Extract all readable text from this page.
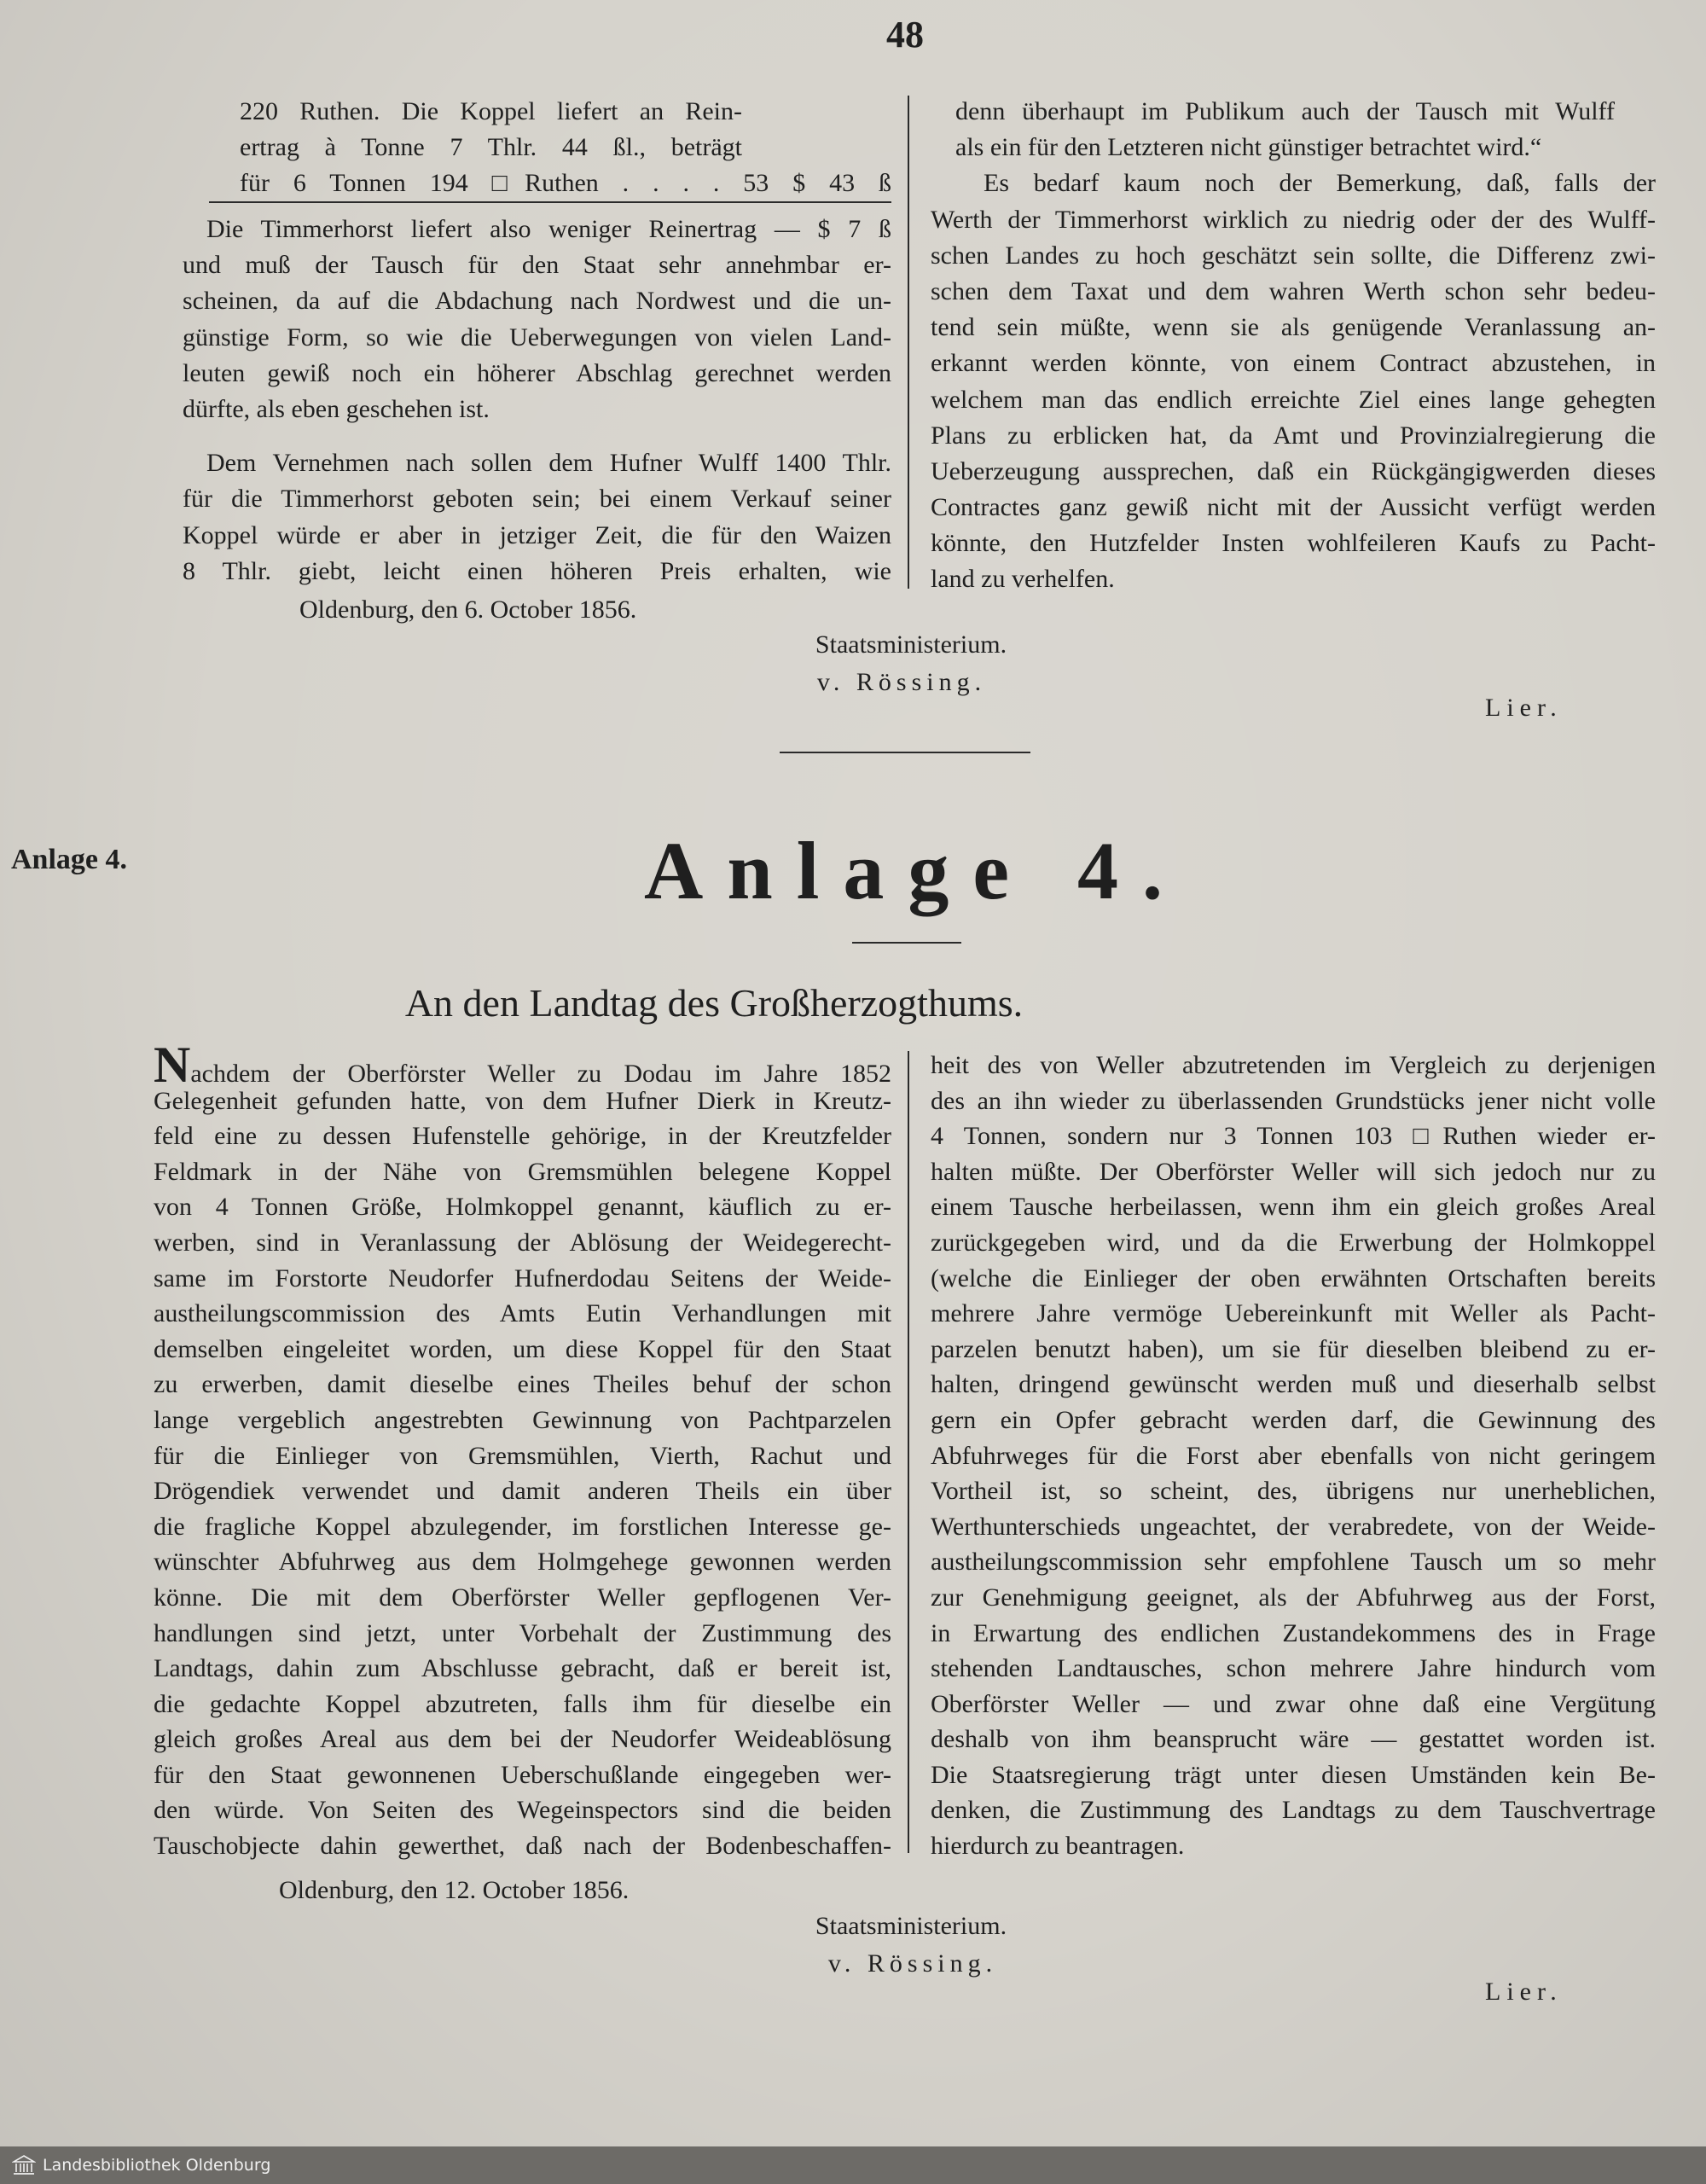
48
220 Ruthen. Die Koppel liefert an Rein-
ertrag à Tonne 7 Thlr. 44 ßl., beträgt
für 6 Tonnen 194 □Ruthen . . . . 53 $ 43 ß
Die Timmerhorst liefert also weniger Reinertrag — $ 7 ß
und muß der Tausch für den Staat sehr annehmbar er-
scheinen, da auf die Abdachung nach Nordwest und die un-
günstige Form, so wie die Ueberwegungen von vielen Land-
leuten gewiß noch ein höherer Abschlag gerechnet werden
dürfte, als eben geschehen ist.
Dem Vernehmen nach sollen dem Hufner Wulff 1400 Thlr.
für die Timmerhorst geboten sein; bei einem Verkauf seiner
Koppel würde er aber in jetziger Zeit, die für den Waizen
8 Thlr. giebt, leicht einen höheren Preis erhalten, wie
Oldenburg, den 6. October 1856.
denn überhaupt im Publikum auch der Tausch mit Wulff
als ein für den Letzteren nicht günstiger betrachtet wird.“
Es bedarf kaum noch der Bemerkung, daß, falls der
Werth der Timmerhorst wirklich zu niedrig oder der des Wulff-
schen Landes zu hoch geschätzt sein sollte, die Differenz zwi-
schen dem Taxat und dem wahren Werth schon sehr bedeu-
tend sein müßte, wenn sie als genügende Veranlassung an-
erkannt werden könnte, von einem Contract abzustehen, in
welchem man das endlich erreichte Ziel eines lange gehegten
Plans zu erblicken hat, da Amt und Provinzialregierung die
Ueberzeugung aussprechen, daß ein Rückgängigwerden dieses
Contractes ganz gewiß nicht mit der Aussicht verfügt werden
könnte, den Hutzfelder Insten wohlfeileren Kaufs zu Pacht-
land zu verhelfen.
Staatsministerium.
v. Rössing.
Lier.
Anlage 4.	Anlage 4.
An den Landtag des Großherzogthums.
Nachdem der Oberförster Weller zu Dodau im Jahre 1852
Gelegenheit gefunden hatte, von dem Hufner Dierk in Kreutz-
feld eine zu dessen Hufenstelle gehörige, in der Kreutzfelder
Feldmark in der Nähe von Gremsmühlen belegene Koppel
von 4 Tonnen Größe, Holmkoppel genannt, käuflich zu er-
werben, sind in Veranlassung der Ablösung der Weidegerecht-
same im Forstorte Neudorfer Hufnerdodau Seitens der Weide-
austheilungscommission des Amts Eutin Verhandlungen mit
demselben eingeleitet worden, um diese Koppel für den Staat
zu erwerben, damit dieselbe eines Theiles behuf der schon
lange vergeblich angestrebten Gewinnung von Pachtparzelen
für die Einlieger von Gremsmühlen, Vierth, Rachut und
Drögendiek verwendet und damit anderen Theils ein über
die fragliche Koppel abzulegender, im forstlichen Interesse ge-
wünschter Abfuhrweg aus dem Holmgehege gewonnen werden
könne. Die mit dem Oberförster Weller gepflogenen Ver-
handlungen sind jetzt, unter Vorbehalt der Zustimmung des
Landtags, dahin zum Abschlusse gebracht, daß er bereit ist,
die gedachte Koppel abzutreten, falls ihm für dieselbe ein
gleich großes Areal aus dem bei der Neudorfer Weideablösung
für den Staat gewonnenen Ueberschußlande eingegeben wer-
den würde. Von Seiten des Wegeinspectors sind die beiden
Tauschobjecte dahin gewerthet, daß nach der Bodenbeschaffen-
heit des von Weller abzutretenden im Vergleich zu derjenigen
des an ihn wieder zu überlassenden Grundstücks jener nicht volle
4 Tonnen, sondern nur 3 Tonnen 103 □Ruthen wieder er-
halten müßte. Der Oberförster Weller will sich jedoch nur zu
einem Tausche herbeilassen, wenn ihm ein gleich großes Areal
zurückgegeben wird, und da die Erwerbung der Holmkoppel
(welche die Einlieger der oben erwähnten Ortschaften bereits
mehrere Jahre vermöge Uebereinkunft mit Weller als Pacht-
parzelen benutzt haben), um sie für dieselben bleibend zu er-
halten, dringend gewünscht werden muß und dieserhalb selbst
gern ein Opfer gebracht werden darf, die Gewinnung des
Abfuhrweges für die Forst aber ebenfalls von nicht geringem
Vortheil ist, so scheint, des, übrigens nur unerheblichen,
Werthunterschieds ungeachtet, der verabredete, von der Weide-
austheilungscommission sehr empfohlene Tausch um so mehr
zur Genehmigung geeignet, als der Abfuhrweg aus der Forst,
in Erwartung des endlichen Zustandekommens des in Frage
stehenden Landtausches, schon mehrere Jahre hindurch vom
Oberförster Weller — und zwar ohne daß eine Vergütung
deshalb von ihm beansprucht wäre — gestattet worden ist.
Die Staatsregierung trägt unter diesen Umständen kein Be-
denken, die Zustimmung des Landtags zu dem Tauschvertrage
hierdurch zu beantragen.
Oldenburg, den 12. October 1856.
Staatsministerium.
v. Rössing.
Lier.
Landesbibliothek Oldenburg
